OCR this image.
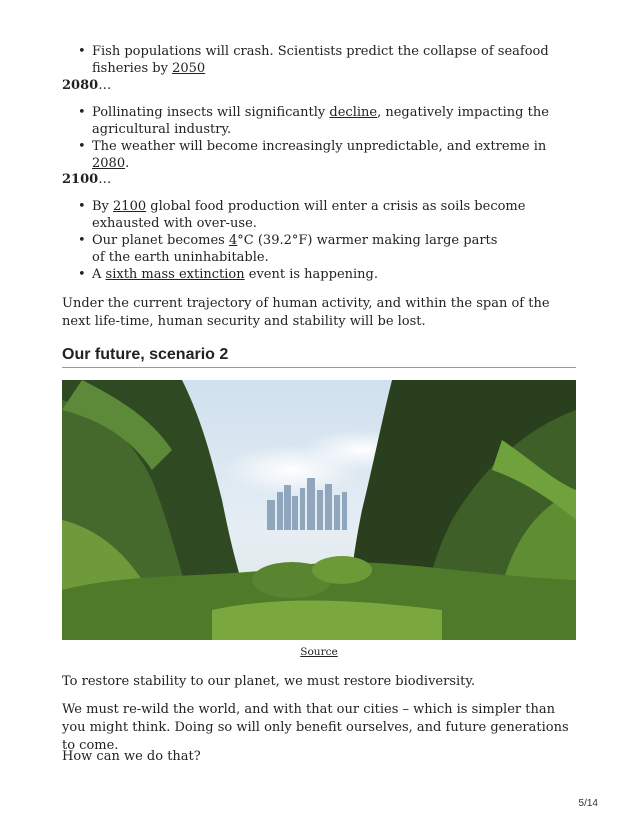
• Fish populations will crash. Scientists predict the collapse of seafood fisheries by 2050
2080…
• Pollinating insects will significantly decline, negatively impacting the agricultural industry.
• The weather will become increasingly unpredictable, and extreme in 2080.
2100…
• By 2100 global food production will enter a crisis as soils become exhausted with over-use.
• Our planet becomes 4°C (39.2°F) warmer making large parts of the earth uninhabitable.
• A sixth mass extinction event is happening.

Under the current trajectory of human activity, and within the span of the next life-time, human security and stability will be lost.

Our future, scenario 2
Source

To restore stability to our planet, we must restore biodiversity.

We must re-wild the world, and with that our cities – which is simpler than you might think. Doing so will only benefit ourselves, and future generations to come.

How can we do that?

5/14
